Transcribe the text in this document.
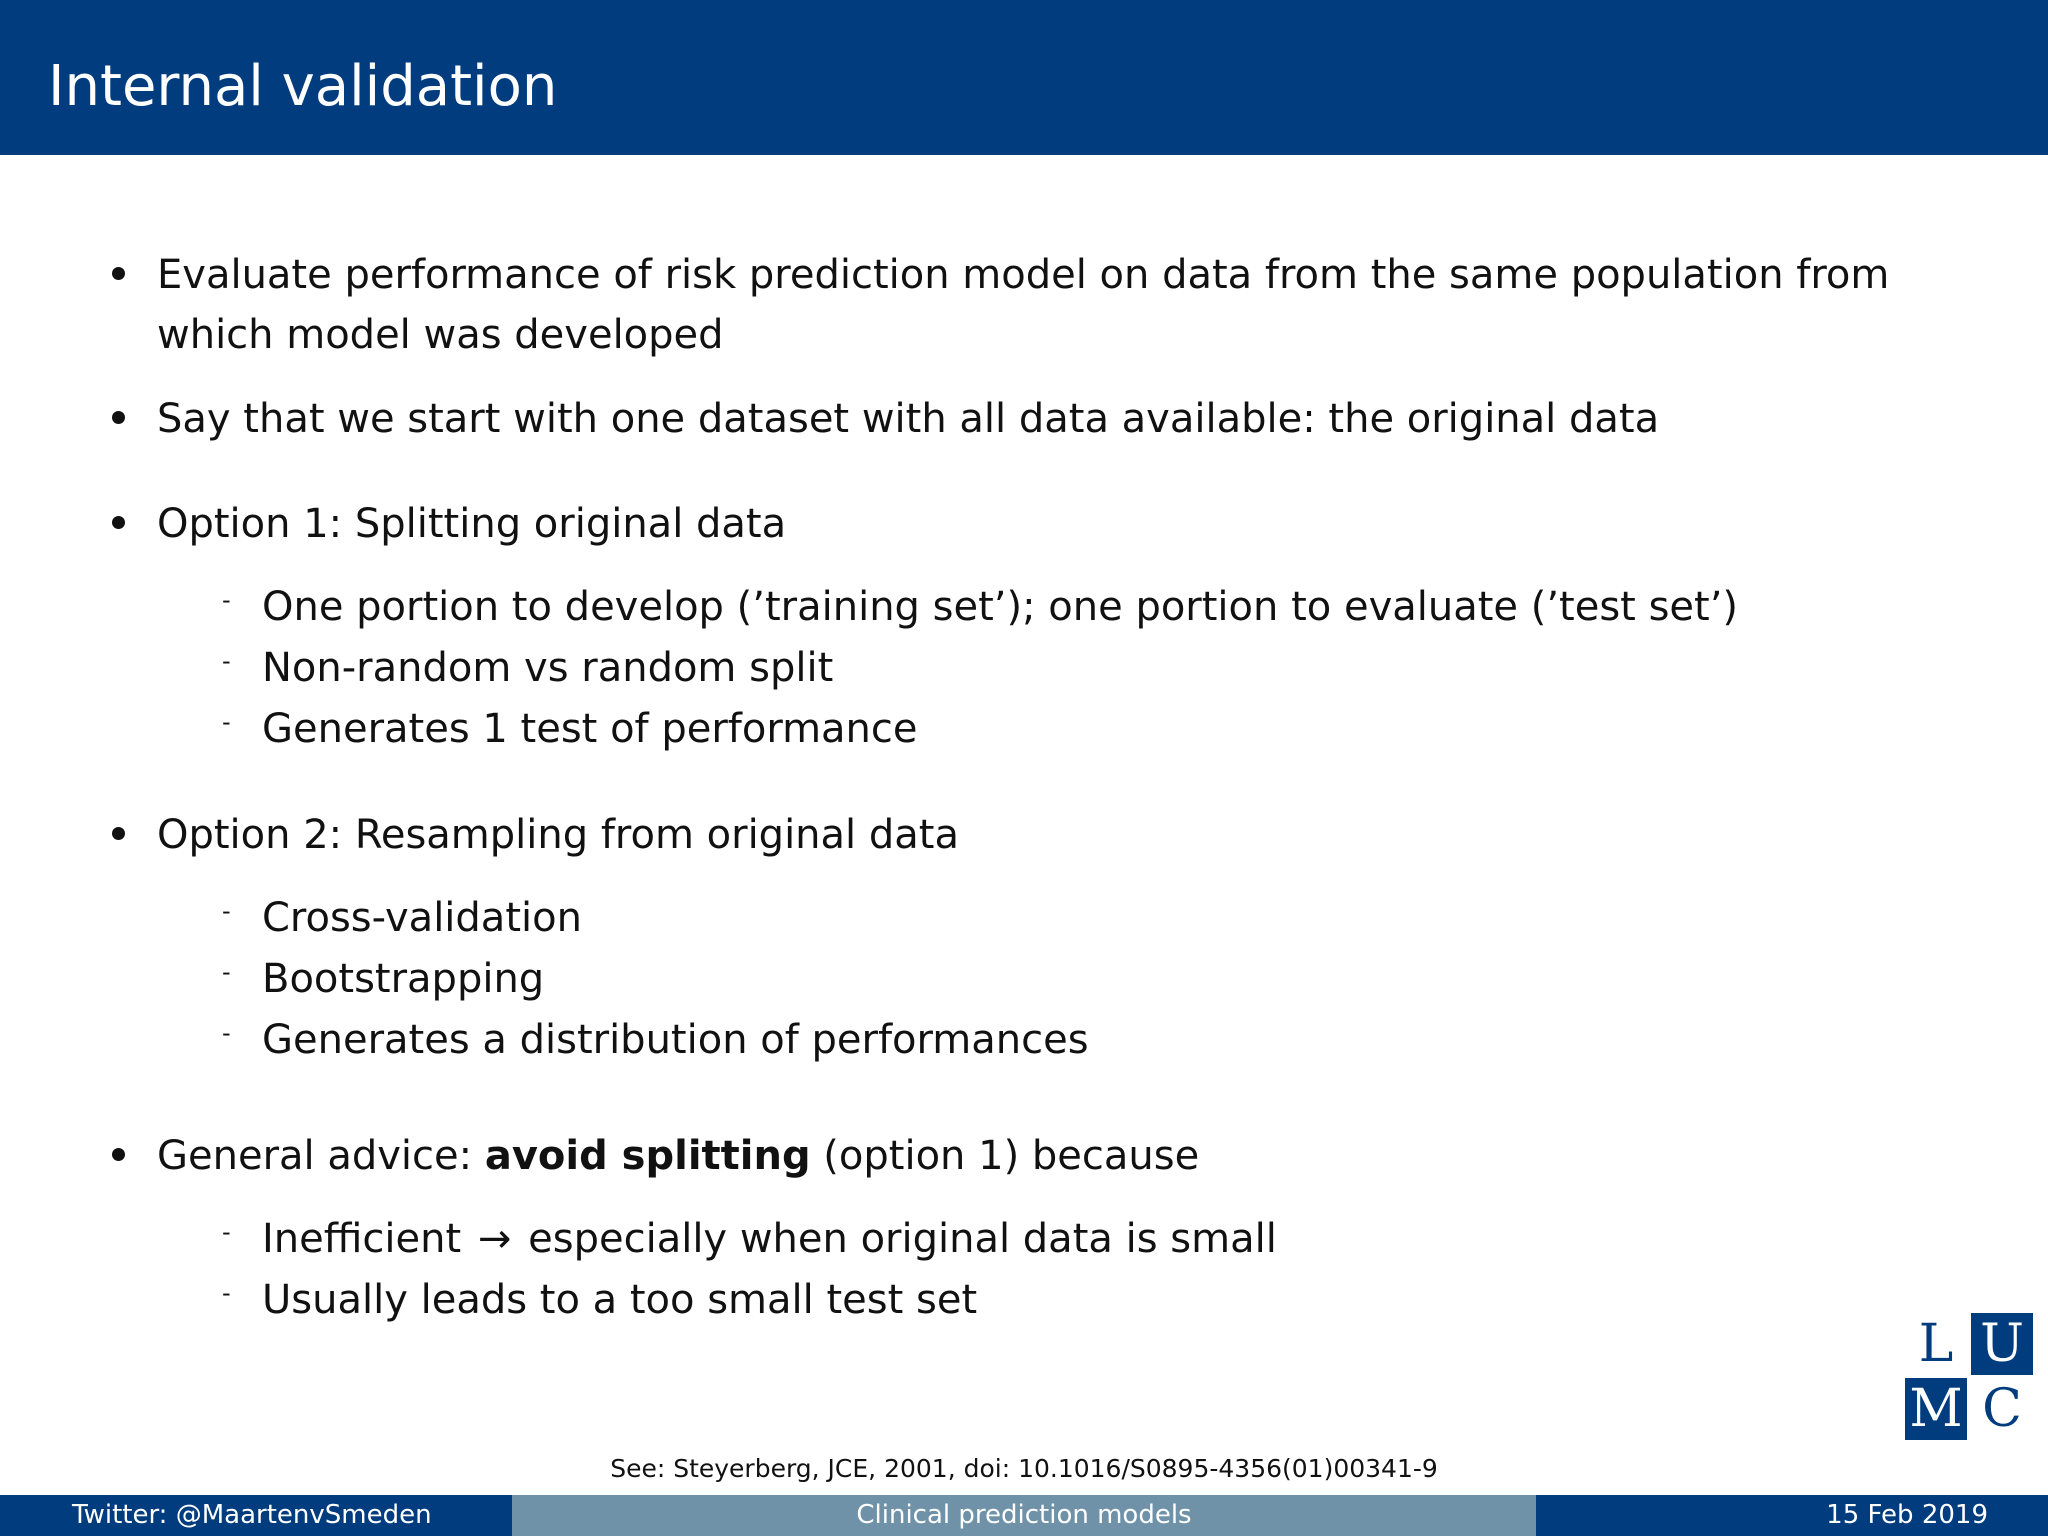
Internal validation
Evaluate performance of risk prediction model on data from the same population from
which model was developed
Say that we start with one dataset with all data available: the original data
Option 1: Splitting original data
- One portion to develop (’training set’); one portion to evaluate (’test set’)
- Non-random vs random split
- Generates 1 test of performance
Option 2: Resampling from original data
- Cross-validation
- Bootstrapping
- Generates a distribution of performances
General advice: avoid splitting (option 1) because
- Inefficient → especially when original data is small
- Usually leads to a too small test set
L U
M C
See: Steyerberg, JCE, 2001, doi: 10.1016/S0895-4356(01)00341-9
Twitter: @MaartenvSmeden	Clinical prediction models	15 Feb 2019
